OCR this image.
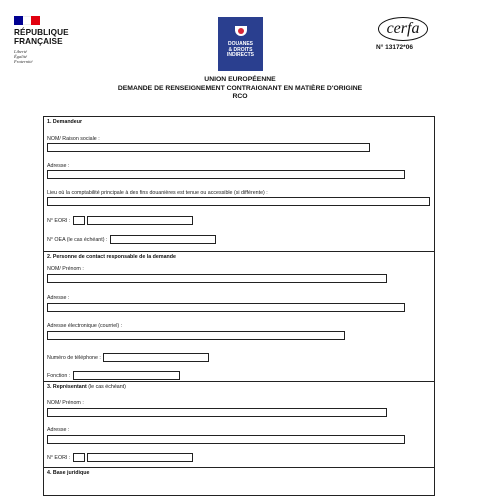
RÉPUBLIQUE
FRANÇAISE
Liberté
Égalité
Fraternité
DOUANES
& DROITS
INDIRECTS
cerfa
N° 13172*06
UNION EUROPÉENNE
DEMANDE DE RENSEIGNEMENT CONTRAIGNANT EN MATIÈRE D'ORIGINE
RCO
1. Demandeur
NOM/ Raison sociale :
Adresse :
Lieu où la comptabilité principale à des fins douanières est tenue ou accessible (si différente) :
N° EORI :
N° OEA (le cas échéant) :
2. Personne de contact responsable de la demande
NOM/ Prénom :
Adresse :
Adresse électronique (courriel) :
Numéro de téléphone :
Fonction :
3. Représentant (le cas échéant)
NOM/ Prénom :
Adresse :
N° EORI :
4. Base juridique
